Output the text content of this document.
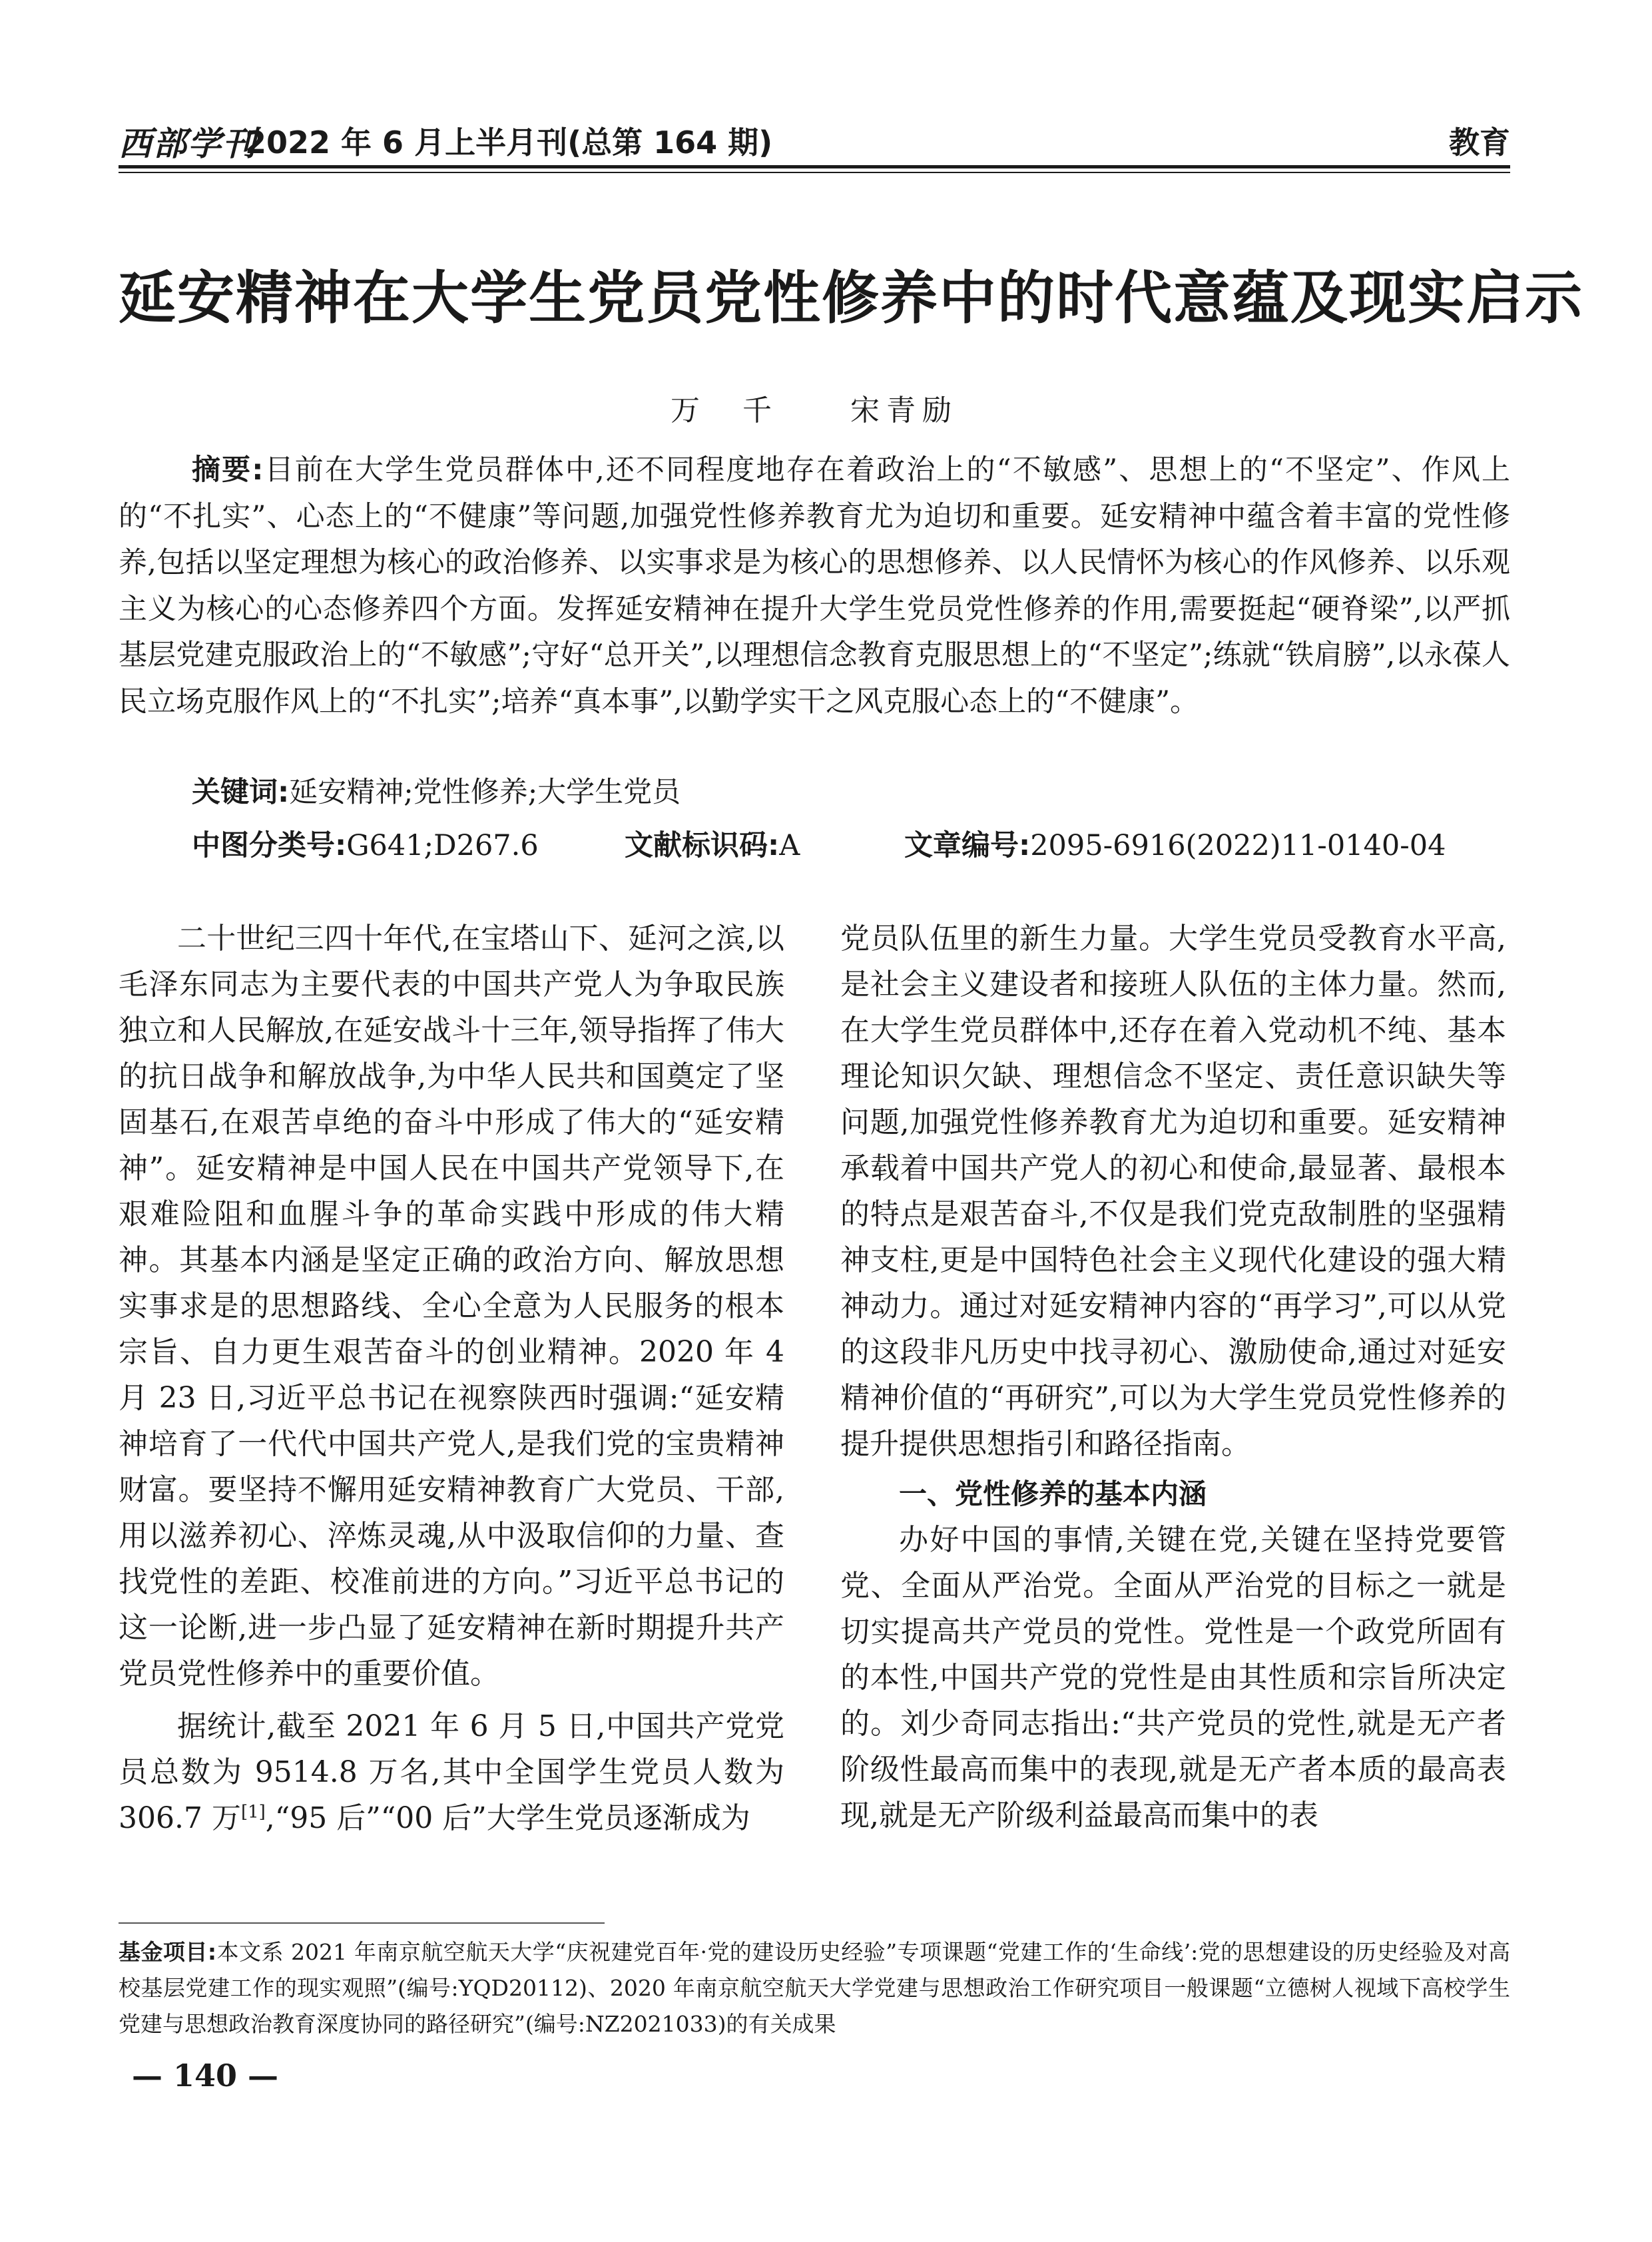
西部学刊
2022 年 6 月上半月刊(总第 164 期)	教育
延安精神在大学生党员党性修养中的时代意蕴及现实启示
万　千　　宋青励
摘要:目前在大学生党员群体中,还不同程度地存在着政治上的“不敏感”、思想上的“不坚定”、作风上的“不扎实”、心态上的“不健康”等问题,加强党性修养教育尤为迫切和重要。延安精神中蕴含着丰富的党性修养,包括以坚定理想为核心的政治修养、以实事求是为核心的思想修养、以人民情怀为核心的作风修养、以乐观主义为核心的心态修养四个方面。发挥延安精神在提升大学生党员党性修养的作用,需要挺起“硬脊梁”,以严抓基层党建克服政治上的“不敏感”;守好“总开关”,以理想信念教育克服思想上的“不坚定”;练就“铁肩膀”,以永葆人民立场克服作风上的“不扎实”;培养“真本事”,以勤学实干之风克服心态上的“不健康”。
关键词:延安精神;党性修养;大学生党员
中图分类号:G641;D267.6	文献标识码:A	文章编号:2095-6916(2022)11-0140-04

二十世纪三四十年代,在宝塔山下、延河之滨,以毛泽东同志为主要代表的中国共产党人为争取民族独立和人民解放,在延安战斗十三年,领导指挥了伟大的抗日战争和解放战争,为中华人民共和国奠定了坚固基石,在艰苦卓绝的奋斗中形成了伟大的“延安精神”。延安精神是中国人民在中国共产党领导下,在艰难险阻和血腥斗争的革命实践中形成的伟大精神。其基本内涵是坚定正确的政治方向、解放思想实事求是的思想路线、全心全意为人民服务的根本宗旨、自力更生艰苦奋斗的创业精神。2020 年 4 月 23 日,习近平总书记在视察陕西时强调:“延安精神培育了一代代中国共产党人,是我们党的宝贵精神财富。要坚持不懈用延安精神教育广大党员、干部,用以滋养初心、淬炼灵魂,从中汲取信仰的力量、查找党性的差距、校准前进的方向。”习近平总书记的这一论断,进一步凸显了延安精神在新时期提升共产党员党性修养中的重要价值。

据统计,截至 2021 年 6 月 5 日,中国共产党党员总数为 9514.8 万名,其中全国学生党员人数为 306.7 万[1],“95 后”“00 后”大学生党员逐渐成为

党员队伍里的新生力量。大学生党员受教育水平高,是社会主义建设者和接班人队伍的主体力量。然而,在大学生党员群体中,还存在着入党动机不纯、基本理论知识欠缺、理想信念不坚定、责任意识缺失等问题,加强党性修养教育尤为迫切和重要。延安精神承载着中国共产党人的初心和使命,最显著、最根本的特点是艰苦奋斗,不仅是我们党克敌制胜的坚强精神支柱,更是中国特色社会主义现代化建设的强大精神动力。通过对延安精神内容的“再学习”,可以从党的这段非凡历史中找寻初心、激励使命,通过对延安精神价值的“再研究”,可以为大学生党员党性修养的提升提供思想指引和路径指南。

一、党性修养的基本内涵

办好中国的事情,关键在党,关键在坚持党要管党、全面从严治党。全面从严治党的目标之一就是切实提高共产党员的党性。党性是一个政党所固有的本性,中国共产党的党性是由其性质和宗旨所决定的。刘少奇同志指出:“共产党员的党性,就是无产者阶级性最高而集中的表现,就是无产者本质的最高表现,就是无产阶级利益最高而集中的表

基金项目:本文系 2021 年南京航空航天大学“庆祝建党百年·党的建设历史经验”专项课题“党建工作的‘生命线’:党的思想建设的历史经验及对高校基层党建工作的现实观照”(编号:YQD20112)、2020 年南京航空航天大学党建与思想政治工作研究项目一般课题“立德树人视域下高校学生党建与思想政治教育深度协同的路径研究”(编号:NZ2021033)的有关成果
— 140 —
